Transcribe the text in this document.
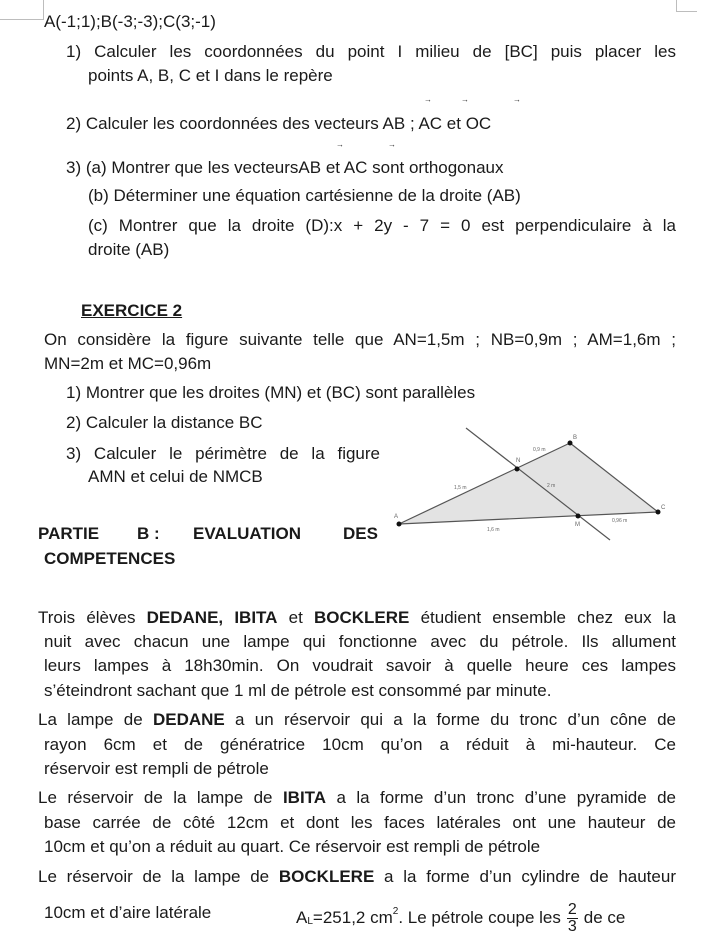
A(-1;1);B(-3;-3);C(3;-1)
1) Calculer les coordonnées du point I milieu de [BC] puis placer les
points A, B, C et I dans le repère
→	→	→
2) Calculer les coordonnées des vecteurs AB ; AC et OC
→	→
3) (a) Montrer que les vecteursAB et AC sont orthogonaux
(b) Déterminer une équation cartésienne de la droite (AB)
(c) Montrer que la droite (D):x + 2y - 7 = 0 est perpendiculaire à la
droite (AB)
EXERCICE 2
On considère la figure suivante telle que AN=1,5m ; NB=0,9m ; AM=1,6m ;
MN=2m et MC=0,96m
1) Montrer que les droites (MN) et (BC) sont parallèles
2) Calculer la distance BC
3) Calculer le périmètre de la figure
AMN et celui de NMCB
A
B
C
N
M
1,5 m
0,9 m
1,6 m
2 m
0,96 m
PARTIE B : EVALUATION DES
COMPETENCES
Trois élèves DEDANE, IBITA et BOCKLERE étudient ensemble chez eux la
nuit avec chacun une lampe qui fonctionne avec du pétrole. Ils allument
leurs lampes à 18h30min. On voudrait savoir à quelle heure ces lampes
s’éteindront sachant que 1 ml de pétrole est consommé par minute.
La lampe de DEDANE a un réservoir qui a la forme du tronc d’un cône de
rayon 6cm et de génératrice 10cm qu’on a réduit à mi-hauteur. Ce
réservoir est rempli de pétrole
Le réservoir de la lampe de IBITA a la forme d’un tronc d’une pyramide de
base carrée de côté 12cm et dont les faces latérales ont une hauteur de
10cm et qu’on a réduit au quart. Ce réservoir est rempli de pétrole
Le réservoir de la lampe de BOCKLERE a la forme d’un cylindre de hauteur
10cm et d’aire latérale	$A_L=251,2$ $cm^2$. Le pétrole coupe les $\frac{2}{3}$ de ce
